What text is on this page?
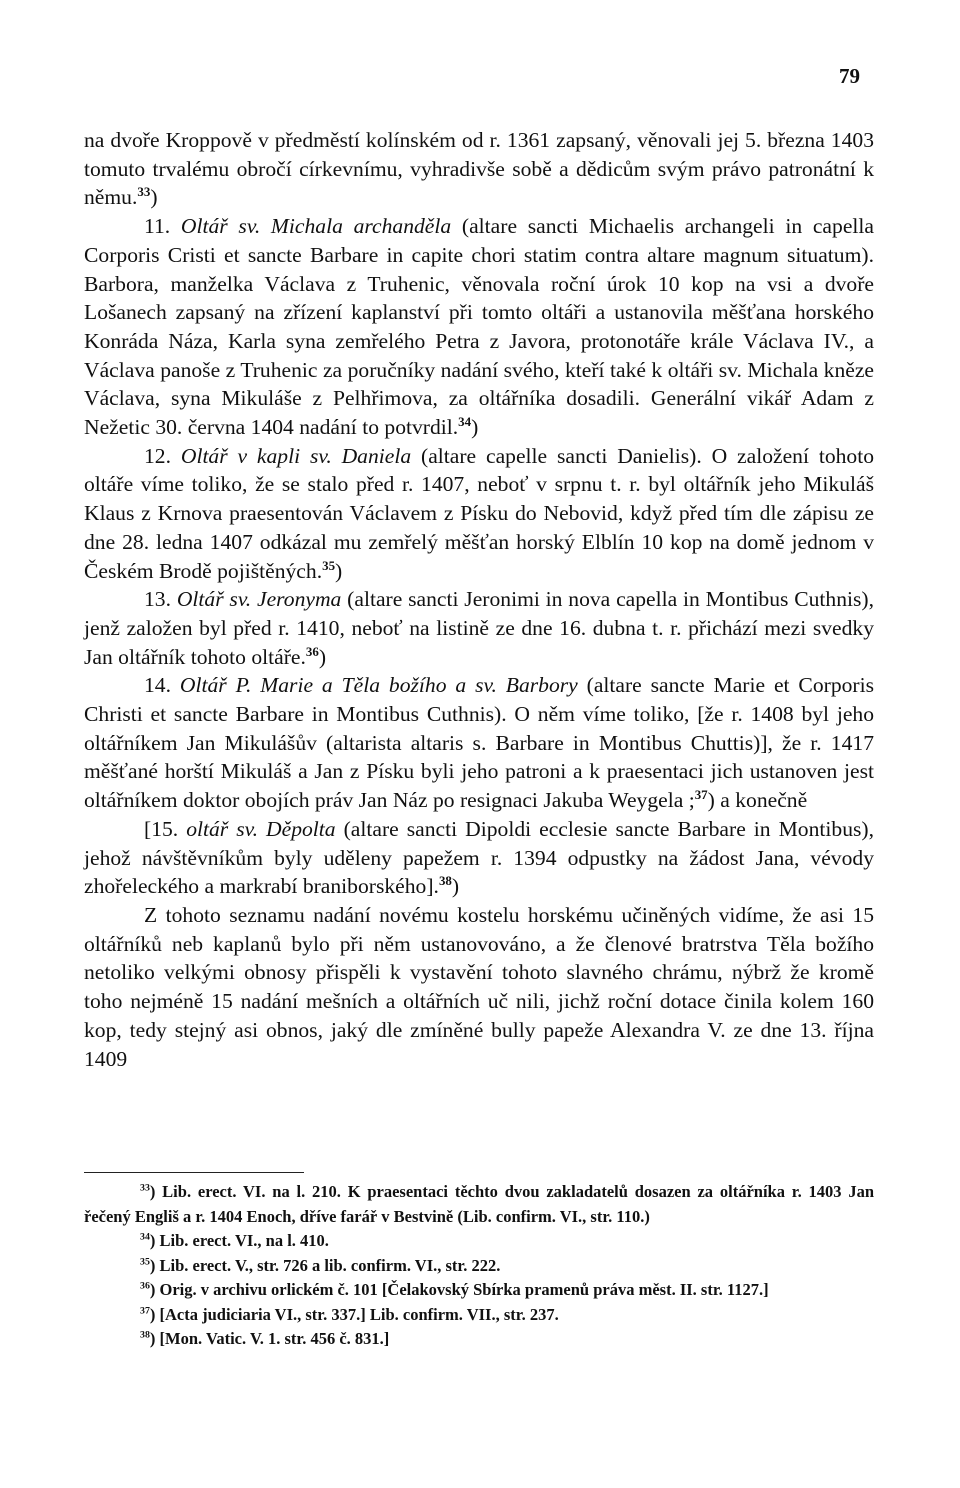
79

na dvoře Kroppově v předměstí kolínském od r. 1361 zapsaný, věnovali jej 5. března 1403 tomuto trvalému obročí církevnímu, vyhradivše sobě a dědicům svým právo patronátní k němu.$^{33}$)

11. Oltář sv. Michala archanděla (altare sancti Michaelis archangeli in capella Corporis Cristi et sancte Barbare in capite chori statim contra altare magnum situatum). Barbora, manželka Václava z Truhenic, věnovala roční úrok 10 kop na vsi a dvoře Lošanech zapsaný na zřízení kaplanství při tomto oltáři a ustanovila měšťana horského Konráda Náza, Karla syna zemřelého Petra z Javora, protonotáře krále Václava IV., a Václava panoše z Truhenic za poručníky nadání svého, kteří také k oltáři sv. Michala kněze Václava, syna Mikuláše z Pelhřimova, za oltářníka dosadili. Generální vikář Adam z Nežetic 30. června 1404 nadání to potvrdil.$^{34}$)

12. Oltář v kapli sv. Daniela (altare capelle sancti Danielis). O založení tohoto oltáře víme toliko, že se stalo před r. 1407, neboť v srpnu t. r. byl oltářník jeho Mikuláš Klaus z Krnova praesentován Václavem z Písku do Nebovid, když před tím dle zápisu ze dne 28. ledna 1407 odkázal mu zemřelý měšťan horský Elblín 10 kop na domě jednom v Českém Brodě pojištěných.$^{35}$)

13. Oltář sv. Jeronyma (altare sancti Jeronimi in nova capella in Montibus Cuthnis), jenž založen byl před r. 1410, neboť na listině ze dne 16. dubna t. r. přichází mezi svedky Jan oltářník tohoto oltáře.$^{36}$)

14. Oltář P. Marie a Těla božího a sv. Barbory (altare sancte Marie et Corporis Christi et sancte Barbare in Montibus Cuthnis). O něm víme toliko, [že r. 1408 byl jeho oltářníkem Jan Mikulášův (altarista altaris s. Barbare in Montibus Chuttis)], že r. 1417 měšťané horští Mikuláš a Jan z Písku byli jeho patroni a k praesentaci jich ustanoven jest oltářníkem doktor obojích práv Jan Náz po resignaci Jakuba Weygela ;$^{37}$) a konečně

[15. oltář sv. Děpolta (altare sancti Dipoldi ecclesie sancte Barbare in Montibus), jehož návštěvníkům byly uděleny papežem r. 1394 odpustky na žádost Jana, vévody zhořeleckého a markrabí braniborského].$^{38}$)

Z tohoto seznamu nadání novému kostelu horskému učiněných vidíme, že asi 15 oltářníků neb kaplanů bylo při něm ustanovováno, a že členové bratrstva Těla božího netoliko velkými obnosy přispěli k vystavění tohoto slavného chrámu, nýbrž že kromě toho nejméně 15 nadání mešních a oltářních uč nili, jichž roční dotace činila kolem 160 kop, tedy stejný asi obnos, jaký dle zmíněné bully papeže Alexandra V. ze dne 13. října 1409

$^{33}$) Lib. erect. VI. na l. 210. K praesentaci těchto dvou zakladatelů dosazen za oltářníka r. 1403 Jan řečený Engliš a r. 1404 Enoch, dříve farář v Bestvině (Lib. confirm. VI., str. 110.)

$^{34}$) Lib. erect. VI., na l. 410.

$^{35}$) Lib. erect. V., str. 726 a lib. confirm. VI., str. 222.

$^{36}$) Orig. v archivu orlickém č. 101 [Čelakovský Sbírka pramenů práva měst. II. str. 1127.]

$^{37}$) [Acta judiciaria VI., str. 337.] Lib. confirm. VII., str. 237.

$^{38}$) [Mon. Vatic. V. 1. str. 456 č. 831.]
